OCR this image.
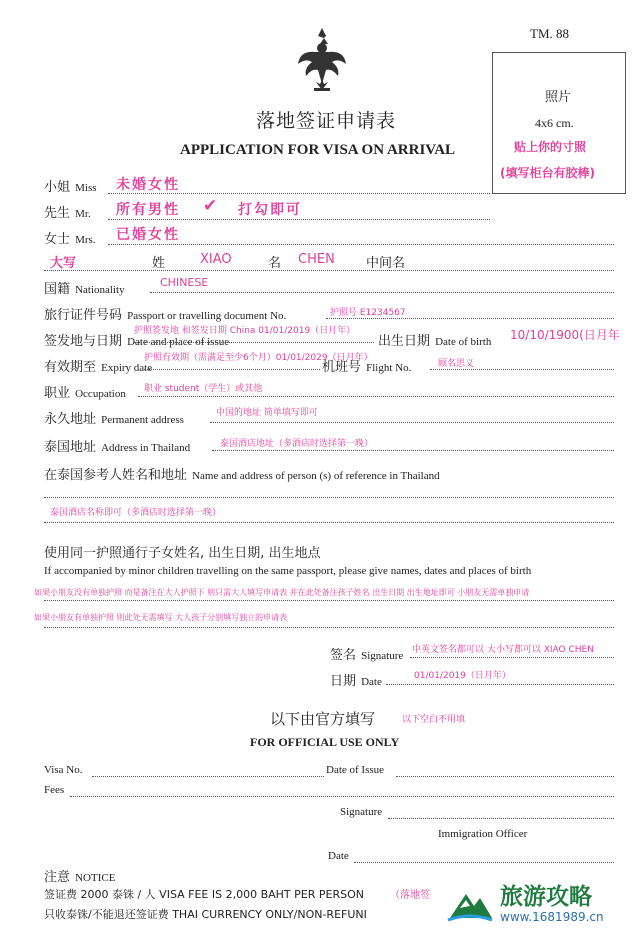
TM. 88
照片
4x6 cm.
贴上你的寸照
(填写柜台有胶棒)
落地签证申请表
APPLICATION FOR VISA ON ARRIVAL
小姐 Miss 未婚女性
先生 Mr. 所有男性 ✔ 打勾即可
女士 Mrs. 已婚女性
大写	姓	XIAO	名 CHEN 中间名
国籍 Nationality
CHINESE
旅行证件号码 Passport or travelling document No.	护照号 E1234567
签发地与日期 Date and place of issue
护照签发地 和签发日期 China 01/01/2019（日月年）
出生日期 Date of birth 10/10/1900(日月年
有效期至 Expiry date
护照有效期（需满足至少6个月）01/01/2029（日月年）
机班号 Flight No.	顾名思义
职业 Occupation 职业 student（学生）或其他
永久地址 Permanent address
中国的地址 简单填写即可
泰国地址 Address in Thailand	泰国酒店地址（多酒店时选择第一晚）
在泰国参考人姓名和地址 Name and address of person (s) of reference in Thailand
泰国酒店名称即可（多酒店时选择第一晚）
使用同一护照通行子女姓名, 出生日期, 出生地点
If accompanied by minor children travelling on the same passport, please give names, dates and places of birth
如果小朋友没有单独护照 而是备注在大人护照下 则只需大人填写申请表 并在此处备注孩子姓名 出生日期 出生地址即可 小朋友无需单独申请
如果小朋友有单独护照 则此处无需填写 大人孩子分别填写独立的申请表
签名 Signature 中英文签名都可以 大小写都可以 XIAO CHEN
日期 Date	01/01/2019（日月年）
以下由官方填写	以下空白不用填
FOR OFFICIAL USE ONLY
Visa No.	Date of Issue
Fees
Signature
Immigration Officer
Date
注意 NOTICE
签证费 2000 泰铢 / 人 VISA FEE IS 2,000 BAHT PER PERSON	（落地签
只收泰铢/不能退还签证费 THAI CURRENCY ONLY/NON-REFUNI
旅游攻略
www.1681989.cn
